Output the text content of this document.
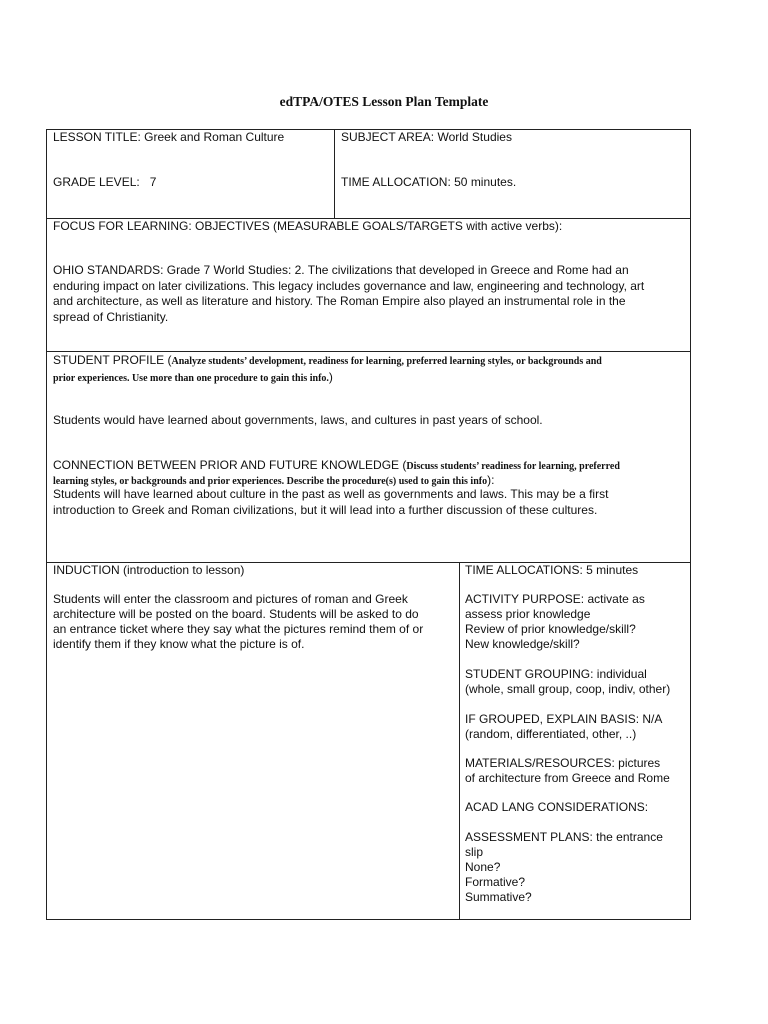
edTPA/OTES Lesson Plan Template
LESSON TITLE: Greek and Roman Culture	SUBJECT AREA: World Studies
GRADE LEVEL:   7	TIME ALLOCATION: 50 minutes.
FOCUS FOR LEARNING: OBJECTIVES (MEASURABLE GOALS/TARGETS with active verbs):
OHIO STANDARDS: Grade 7 World Studies: 2. The civilizations that developed in Greece and Rome had an
enduring impact on later civilizations. This legacy includes governance and law, engineering and technology, art
and architecture, as well as literature and history. The Roman Empire also played an instrumental role in the
spread of Christianity.
STUDENT PROFILE (Analyze students’ development, readiness for learning, preferred learning styles, or backgrounds and
prior experiences. Use more than one procedure to gain this info.)
Students would have learned about governments, laws, and cultures in past years of school.
CONNECTION BETWEEN PRIOR AND FUTURE KNOWLEDGE (Discuss students’ readiness for learning, preferred
learning styles, or backgrounds and prior experiences. Describe the procedure(s) used to gain this info):
Students will have learned about culture in the past as well as governments and laws. This may be a first
introduction to Greek and Roman civilizations, but it will lead into a further discussion of these cultures.
INDUCTION (introduction to lesson)
Students will enter the classroom and pictures of roman and Greek
architecture will be posted on the board. Students will be asked to do
an entrance ticket where they say what the pictures remind them of or
identify them if they know what the picture is of.
TIME ALLOCATIONS: 5 minutes
ACTIVITY PURPOSE: activate as
assess prior knowledge
Review of prior knowledge/skill?
New knowledge/skill?
STUDENT GROUPING: individual
(whole, small group, coop, indiv, other)
IF GROUPED, EXPLAIN BASIS: N/A
(random, differentiated, other, ..)
MATERIALS/RESOURCES: pictures
of architecture from Greece and Rome
ACAD LANG CONSIDERATIONS:
ASSESSMENT PLANS: the entrance
slip
None?
Formative?
Summative?
